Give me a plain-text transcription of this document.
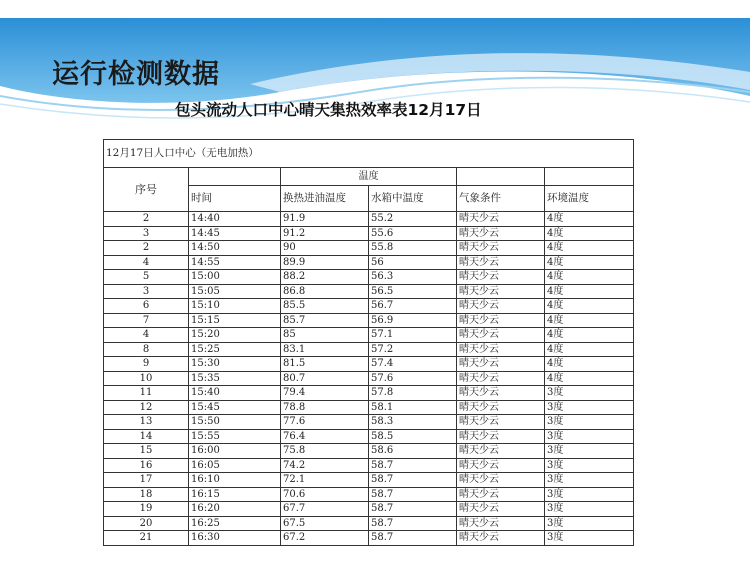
运行检测数据
包头流动人口中心晴天集热效率表12月17日
12月17日人口中心（无电加热）					
序号		温度			
	时间	换热进油温度	水箱中温度	气象条件	环境温度
2	14:40	91.9	55.2	晴天少云	4度
3	14:45	91.2	55.6	晴天少云	4度
2	14:50	90	55.8	晴天少云	4度
4	14:55	89.9	56	晴天少云	4度
5	15:00	88.2	56.3	晴天少云	4度
3	15:05	86.8	56.5	晴天少云	4度
6	15:10	85.5	56.7	晴天少云	4度
7	15:15	85.7	56.9	晴天少云	4度
4	15:20	85	57.1	晴天少云	4度
8	15:25	83.1	57.2	晴天少云	4度
9	15:30	81.5	57.4	晴天少云	4度
10	15:35	80.7	57.6	晴天少云	4度
11	15:40	79.4	57.8	晴天少云	3度
12	15:45	78.8	58.1	晴天少云	3度
13	15:50	77.6	58.3	晴天少云	3度
14	15:55	76.4	58.5	晴天少云	3度
15	16:00	75.8	58.6	晴天少云	3度
16	16:05	74.2	58.7	晴天少云	3度
17	16:10	72.1	58.7	晴天少云	3度
18	16:15	70.6	58.7	晴天少云	3度
19	16:20	67.7	58.7	晴天少云	3度
20	16:25	67.5	58.7	晴天少云	3度
21	16:30	67.2	58.7	晴天少云	3度
